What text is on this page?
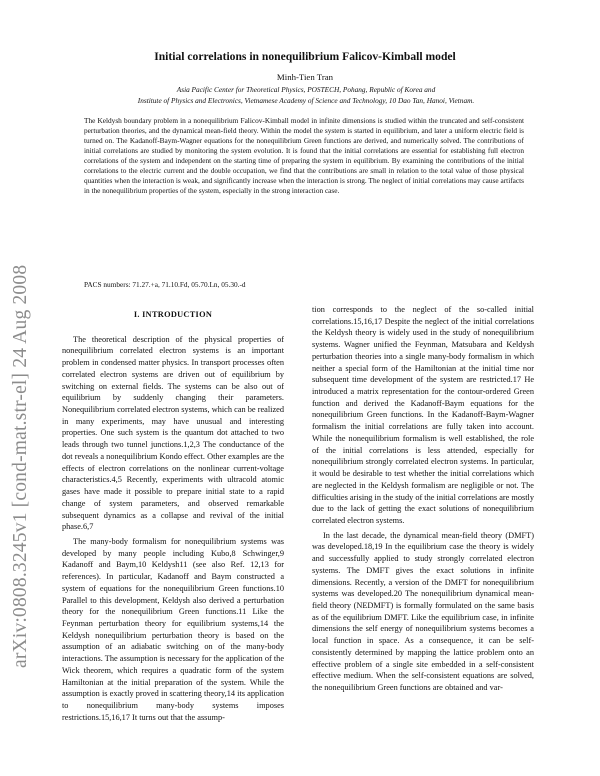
arXiv:0808.3245v1 [cond-mat.str-el] 24 Aug 2008
Initial correlations in nonequilibrium Falicov-Kimball model
Minh-Tien Tran
Asia Pacific Center for Theoretical Physics, POSTECH, Pohang, Republic of Korea and
Institute of Physics and Electronics, Vietnamese Academy of Science and Technology, 10 Dao Tan, Hanoi, Vietnam.
The Keldysh boundary problem in a nonequilibrium Falicov-Kimball model in infinite dimensions is studied within the truncated and self-consistent perturbation theories, and the dynamical mean-field theory. Within the model the system is started in equilibrium, and later a uniform electric field is turned on. The Kadanoff-Baym-Wagner equations for the nonequilibrium Green functions are derived, and numerically solved. The contributions of initial correlations are studied by monitoring the system evolution. It is found that the initial correlations are essential for establishing full electron correlations of the system and independent on the starting time of preparing the system in equilibrium. By examining the contributions of the initial correlations to the electric current and the double occupation, we find that the contributions are small in relation to the total value of those physical quantities when the interaction is weak, and significantly increase when the interaction is strong. The neglect of initial correlations may cause artifacts in the nonequilibrium properties of the system, especially in the strong interaction case.
PACS numbers: 71.27.+a, 71.10.Fd, 05.70.Ln, 05.30.-d
I. INTRODUCTION

The theoretical description of the physical properties of nonequilibrium correlated electron systems is an important problem in condensed matter physics. In transport processes often correlated electron systems are driven out of equilibrium by switching on external fields. The systems can be also out of equilibrium by suddenly changing their parameters. Nonequilibrium correlated electron systems, which can be realized in many experiments, may have unusual and interesting properties. One such system is the quantum dot attached to two leads through two tunnel junctions.1,2,3 The conductance of the dot reveals a nonequilibrium Kondo effect. Other examples are the effects of electron correlations on the nonlinear current-voltage characteristics.4,5 Recently, experiments with ultracold atomic gases have made it possible to prepare initial state to a rapid change of system parameters, and observed remarkable subsequent dynamics as a collapse and revival of the initial phase.6,7

The many-body formalism for nonequilibrium systems was developed by many people including Kubo,8 Schwinger,9 Kadanoff and Baym,10 Keldysh11 (see also Ref. 12,13 for references). In particular, Kadanoff and Baym constructed a system of equations for the nonequilibrium Green functions.10 Parallel to this development, Keldysh also derived a perturbation theory for the nonequilibrium Green functions.11 Like the Feynman perturbation theory for equilibrium systems,14 the Keldysh nonequilibrium perturbation theory is based on the assumption of an adiabatic switching on of the many-body interactions. The assumption is necessary for the application of the Wick theorem, which requires a quadratic form of the system Hamiltonian at the initial preparation of the system. While the assumption is exactly proved in scattering theory,14 its application to nonequilibrium many-body systems imposes restrictions.15,16,17 It turns out that the assump-

tion corresponds to the neglect of the so-called initial correlations.15,16,17 Despite the neglect of the initial correlations the Keldysh theory is widely used in the study of nonequilibrium systems. Wagner unified the Feynman, Matsubara and Keldysh perturbation theories into a single many-body formalism in which neither a special form of the Hamiltonian at the initial time nor subsequent time development of the system are restricted.17 He introduced a matrix representation for the contour-ordered Green function and derived the Kadanoff-Baym equations for the nonequilibrium Green functions. In the Kadanoff-Baym-Wagner formalism the initial correlations are fully taken into account. While the nonequilibrium formalism is well established, the role of the initial correlations is less attended, especially for nonequilibrium strongly correlated electron systems. In particular, it would be desirable to test whether the initial correlations which are neglected in the Keldysh formalism are negligible or not. The difficulties arising in the study of the initial correlations are mostly due to the lack of getting the exact solutions of nonequilibrium correlated electron systems.

In the last decade, the dynamical mean-field theory (DMFT) was developed.18,19 In the equilibrium case the theory is widely and successfully applied to study strongly correlated electron systems. The DMFT gives the exact solutions in infinite dimensions. Recently, a version of the DMFT for nonequilibrium systems was developed.20 The nonequilibrium dynamical mean-field theory (NEDMFT) is formally formulated on the same basis as of the equilibrium DMFT. Like the equilibrium case, in infinite dimensions the self energy of nonequilibrium systems becomes a local function in space. As a consequence, it can be self-consistently determined by mapping the lattice problem onto an effective problem of a single site embedded in a self-consistent effective medium. When the self-consistent equations are solved, the nonequilibrium Green functions are obtained and var-
